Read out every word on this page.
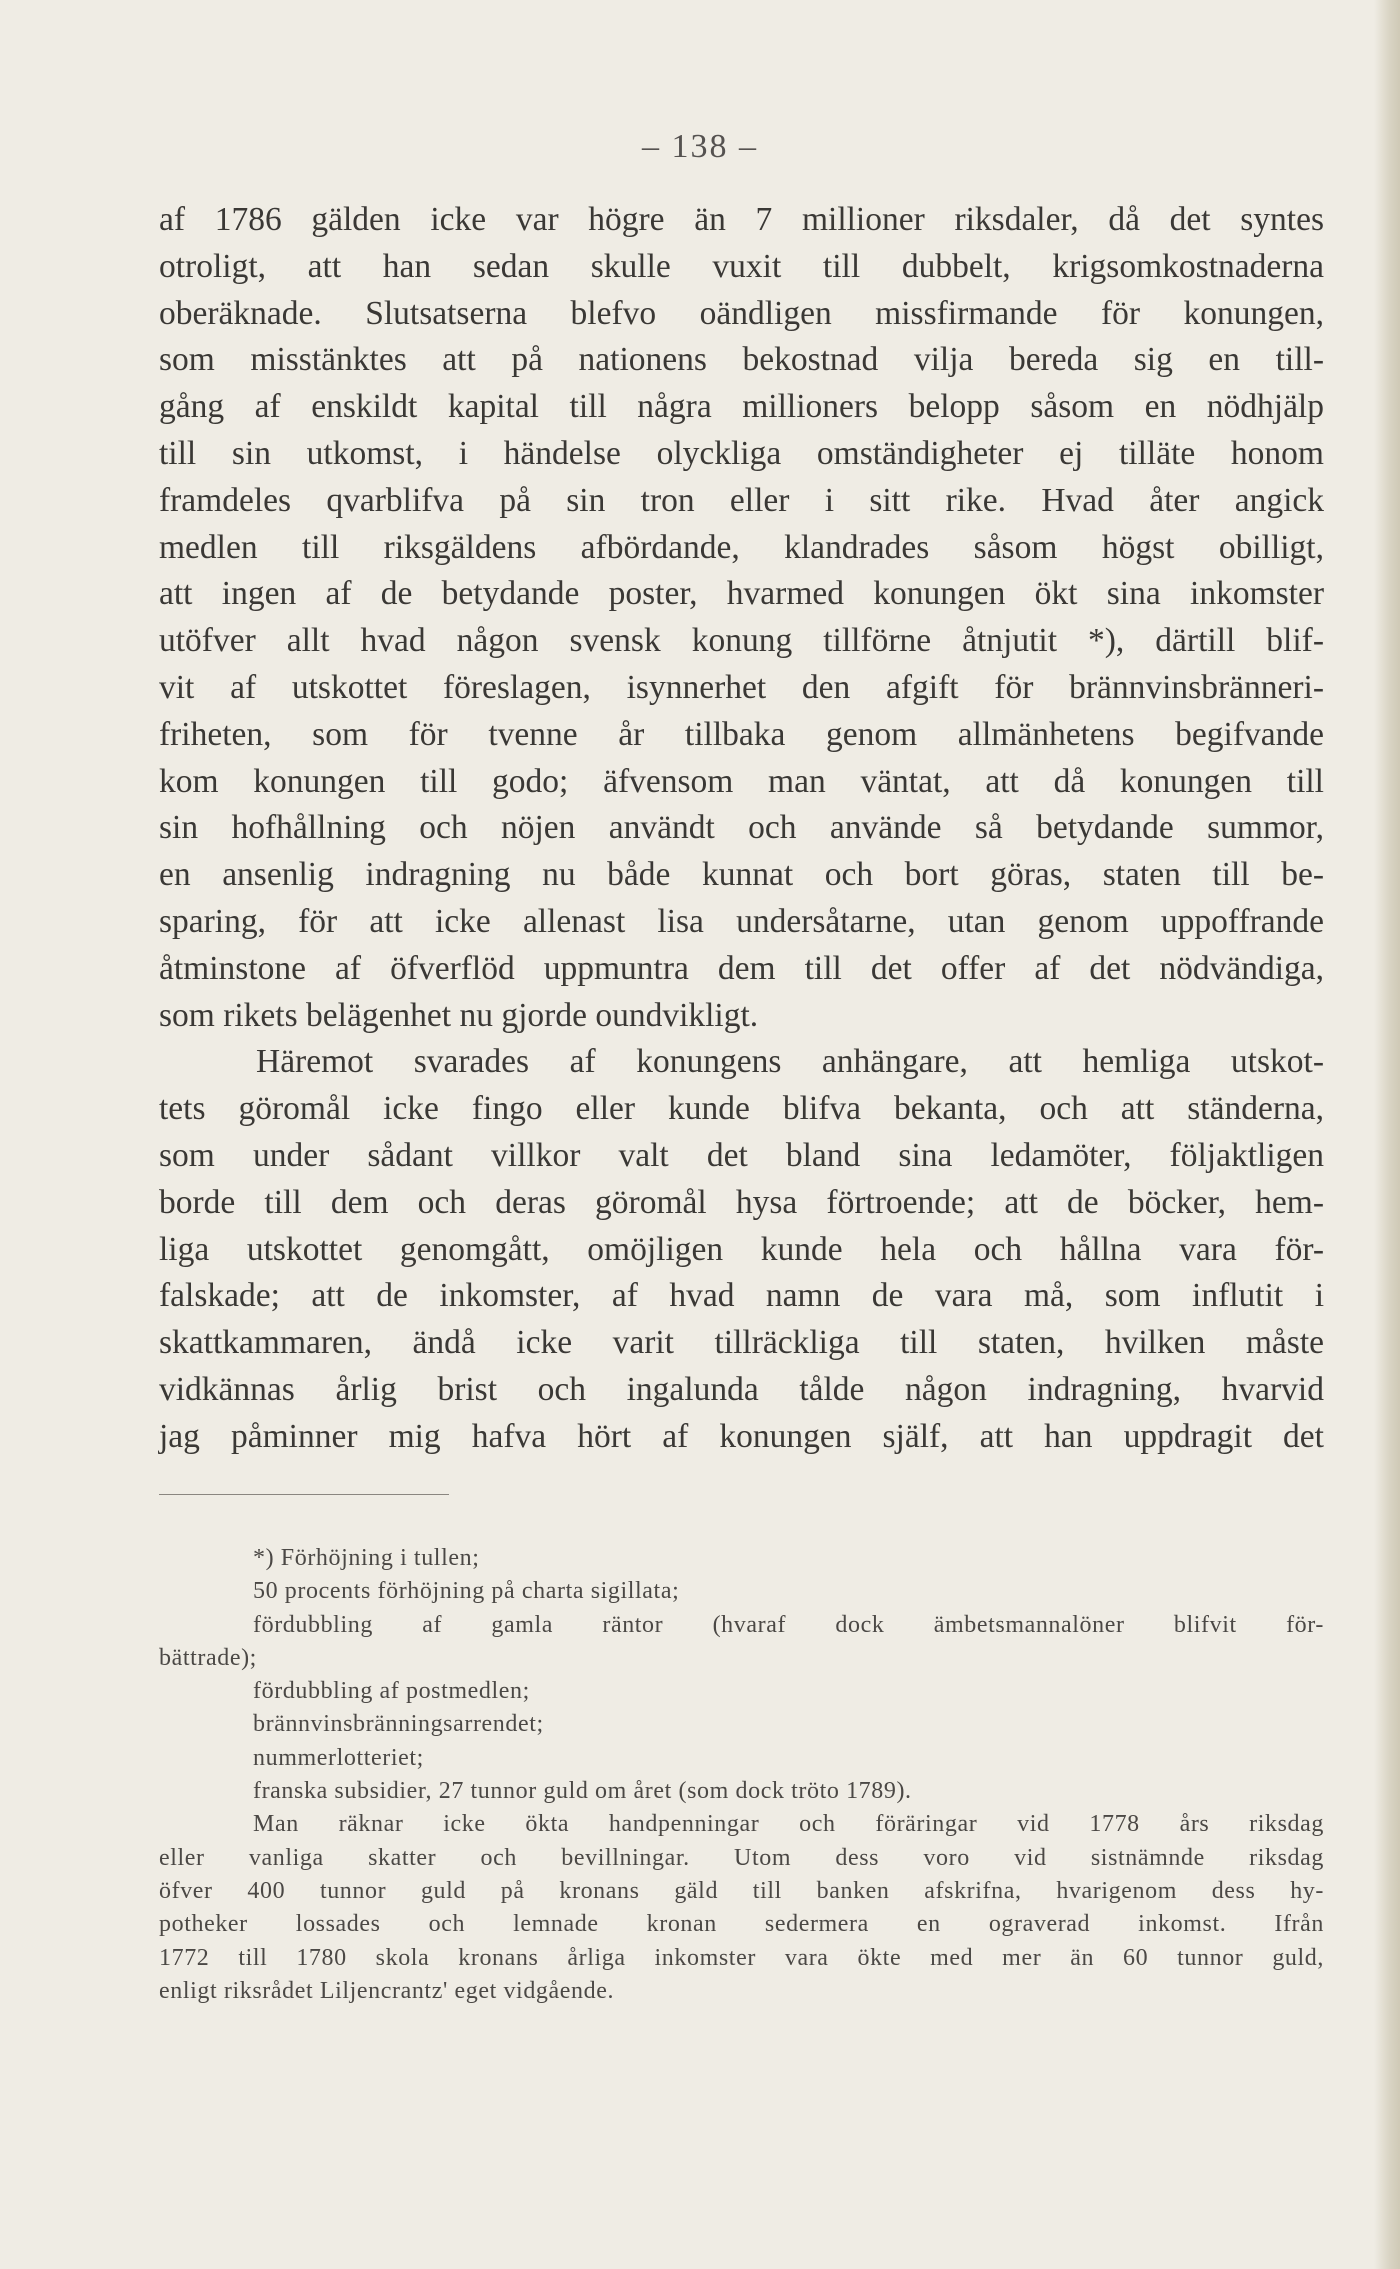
– 138 –
af 1786 gälden icke var högre än 7 millioner riksdaler, då det syntes
otroligt, att han sedan skulle vuxit till dubbelt, krigsomkostnaderna
oberäknade. Slutsatserna blefvo oändligen missfirmande för konungen,
som misstänktes att på nationens bekostnad vilja bereda sig en till-
gång af enskildt kapital till några millioners belopp såsom en nödhjälp
till sin utkomst, i händelse olyckliga omständigheter ej tilläte honom
framdeles qvarblifva på sin tron eller i sitt rike. Hvad åter angick
medlen till riksgäldens afbördande, klandrades såsom högst obilligt,
att ingen af de betydande poster, hvarmed konungen ökt sina inkomster
utöfver allt hvad någon svensk konung tillförne åtnjutit *), därtill blif-
vit af utskottet föreslagen, isynnerhet den afgift för brännvinsbränneri-
friheten, som för tvenne år tillbaka genom allmänhetens begifvande
kom konungen till godo; äfvensom man väntat, att då konungen till
sin hofhållning och nöjen användt och använde så betydande summor,
en ansenlig indragning nu både kunnat och bort göras, staten till be-
sparing, för att icke allenast lisa undersåtarne, utan genom uppoffrande
åtminstone af öfverflöd uppmuntra dem till det offer af det nödvändiga,
som rikets belägenhet nu gjorde oundvikligt.
Häremot svarades af konungens anhängare, att hemliga utskot-
tets göromål icke fingo eller kunde blifva bekanta, och att ständerna,
som under sådant villkor valt det bland sina ledamöter, följaktligen
borde till dem och deras göromål hysa förtroende; att de böcker, hem-
liga utskottet genomgått, omöjligen kunde hela och hållna vara för-
falskade; att de inkomster, af hvad namn de vara må, som influtit i
skattkammaren, ändå icke varit tillräckliga till staten, hvilken måste
vidkännas årlig brist och ingalunda tålde någon indragning, hvarvid
jag påminner mig hafva hört af konungen själf, att han uppdragit det
*) Förhöjning i tullen;
50 procents förhöjning på charta sigillata;
fördubbling af gamla räntor (hvaraf dock ämbetsmannalöner blifvit för-
bättrade);
fördubbling af postmedlen;
brännvinsbränningsarrendet;
nummerlotteriet;
franska subsidier, 27 tunnor guld om året (som dock tröto 1789).
Man räknar icke ökta handpenningar och föräringar vid 1778 års riksdag
eller vanliga skatter och bevillningar. Utom dess voro vid sistnämnde riksdag
öfver 400 tunnor guld på kronans gäld till banken afskrifna, hvarigenom dess hy-
potheker lossades och lemnade kronan sedermera en ograverad inkomst. Ifrån
1772 till 1780 skola kronans årliga inkomster vara ökte med mer än 60 tunnor guld,
enligt riksrådet Liljencrantz' eget vidgående.
